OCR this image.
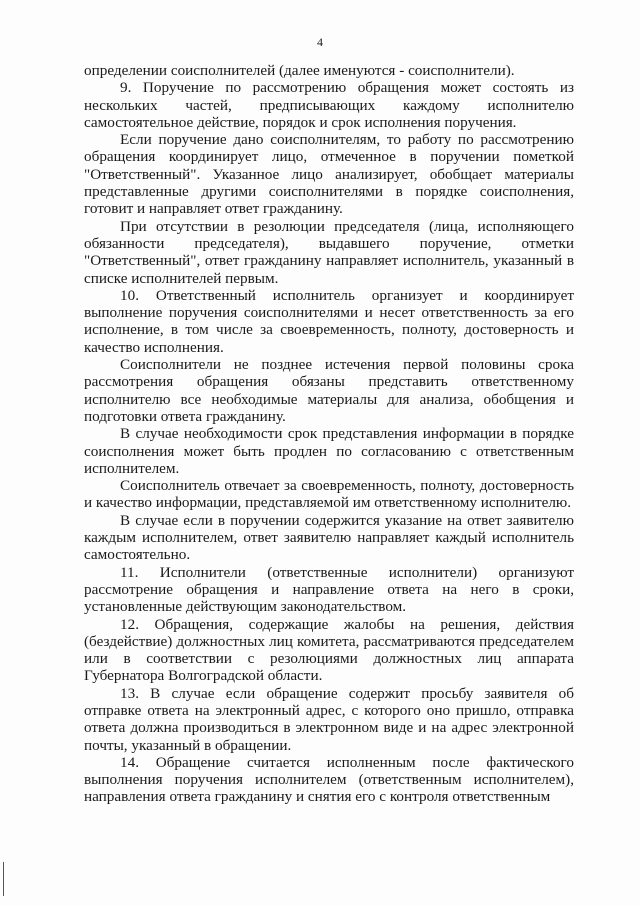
4

определении соисполнителей (далее именуются - соисполнители).

9. Поручение по рассмотрению обращения может состоять из нескольких частей, предписывающих каждому исполнителю самостоятельное действие, порядок и срок исполнения поручения.

Если поручение дано соисполнителям, то работу по рассмотрению обращения координирует лицо, отмеченное в поручении пометкой "Ответственный". Указанное лицо анализирует, обобщает материалы представленные другими соисполнителями в порядке соисполнения, готовит и направляет ответ гражданину.

При отсутствии в резолюции председателя (лица, исполняющего обязанности председателя), выдавшего поручение, отметки "Ответственный", ответ гражданину направляет исполнитель, указанный в списке исполнителей первым.

10. Ответственный исполнитель организует и координирует выполнение поручения соисполнителями и несет ответственность за его исполнение, в том числе за своевременность, полноту, достоверность и качество исполнения.

Соисполнители не позднее истечения первой половины срока рассмотрения обращения обязаны представить ответственному исполнителю все необходимые материалы для анализа, обобщения и подготовки ответа гражданину.

В случае необходимости срок представления информации в порядке соисполнения может быть продлен по согласованию с ответственным исполнителем.

Соисполнитель отвечает за своевременность, полноту, достоверность и качество информации, представляемой им ответственному исполнителю.

В случае если в поручении содержится указание на ответ заявителю каждым исполнителем, ответ заявителю направляет каждый исполнитель самостоятельно.

11. Исполнители (ответственные исполнители) организуют рассмотрение обращения и направление ответа на него в сроки, установленные действующим законодательством.

12. Обращения, содержащие жалобы на решения, действия (бездействие) должностных лиц комитета, рассматриваются председателем или в соответствии с резолюциями должностных лиц аппарата Губернатора Волгоградской области.

13. В случае если обращение содержит просьбу заявителя об отправке ответа на электронный адрес, с которого оно пришло, отправка ответа должна производиться в электронном виде и на адрес электронной почты, указанный в обращении.

14. Обращение считается исполненным после фактического выполнения поручения исполнителем (ответственным исполнителем), направления ответа гражданину и снятия его с контроля ответственным
